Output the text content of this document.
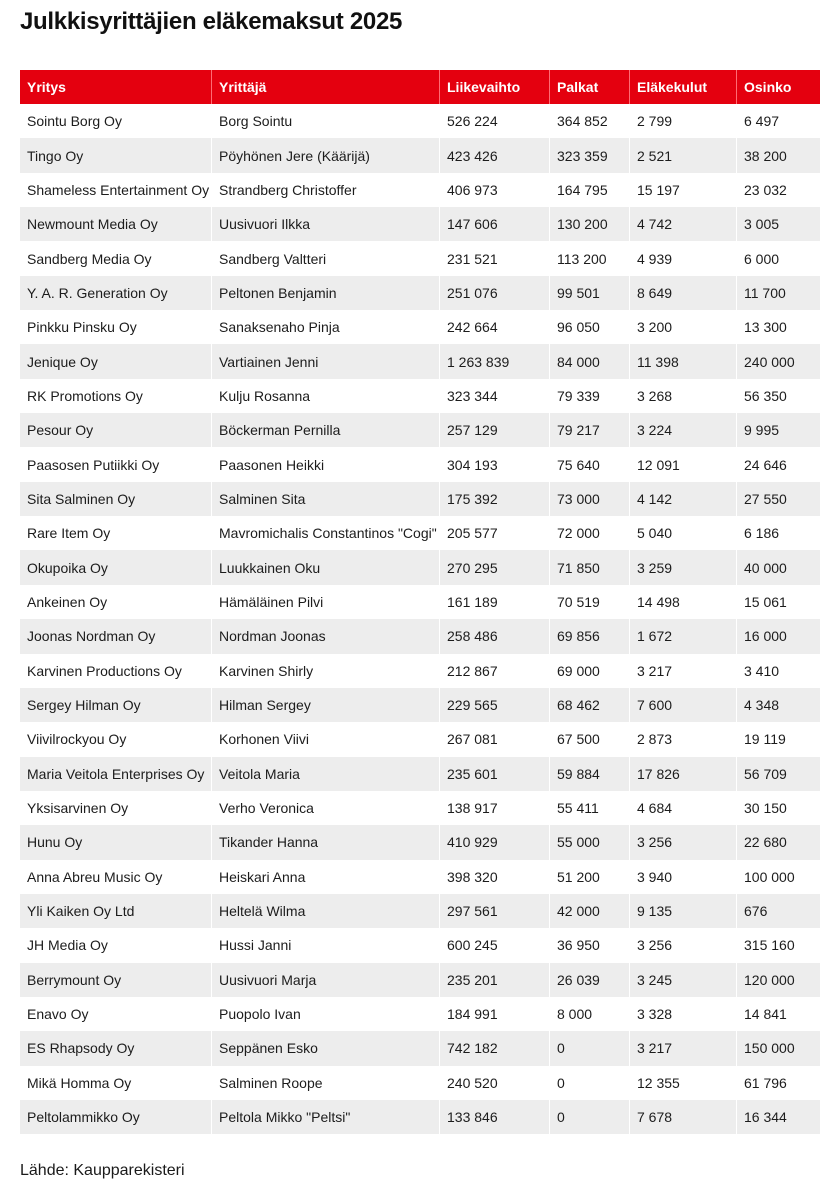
Julkkisyrittäjien eläkemaksut 2025
Yritys	Yrittäjä	Liikevaihto	Palkat	Eläkekulut	Osinko
Sointu Borg Oy	Borg Sointu	526 224	364 852	2 799	6 497
Tingo Oy	Pöyhönen Jere (Käärijä)	423 426	323 359	2 521	38 200
Shameless Entertainment Oy	Strandberg Christoffer	406 973	164 795	15 197	23 032
Newmount Media Oy	Uusivuori Ilkka	147 606	130 200	4 742	3 005
Sandberg Media Oy	Sandberg Valtteri	231 521	113 200	4 939	6 000
Y. A. R. Generation Oy	Peltonen Benjamin	251 076	99 501	8 649	11 700
Pinkku Pinsku Oy	Sanaksenaho Pinja	242 664	96 050	3 200	13 300
Jenique Oy	Vartiainen Jenni	1 263 839	84 000	11 398	240 000
RK Promotions Oy	Kulju Rosanna	323 344	79 339	3 268	56 350
Pesour Oy	Böckerman Pernilla	257 129	79 217	3 224	9 995
Paasosen Putiikki Oy	Paasonen Heikki	304 193	75 640	12 091	24 646
Sita Salminen Oy	Salminen Sita	175 392	73 000	4 142	27 550
Rare Item Oy	Mavromichalis Constantinos "Cogi"	205 577	72 000	5 040	6 186
Okupoika Oy	Luukkainen Oku	270 295	71 850	3 259	40 000
Ankeinen Oy	Hämäläinen Pilvi	161 189	70 519	14 498	15 061
Joonas Nordman Oy	Nordman Joonas	258 486	69 856	1 672	16 000
Karvinen Productions Oy	Karvinen Shirly	212 867	69 000	3 217	3 410
Sergey Hilman Oy	Hilman Sergey	229 565	68 462	7 600	4 348
Viivilrockyou Oy	Korhonen Viivi	267 081	67 500	2 873	19 119
Maria Veitola Enterprises Oy	Veitola Maria	235 601	59 884	17 826	56 709
Yksisarvinen Oy	Verho Veronica	138 917	55 411	4 684	30 150
Hunu Oy	Tikander Hanna	410 929	55 000	3 256	22 680
Anna Abreu Music Oy	Heiskari Anna	398 320	51 200	3 940	100 000
Yli Kaiken Oy Ltd	Heltelä Wilma	297 561	42 000	9 135	676
JH Media Oy	Hussi Janni	600 245	36 950	3 256	315 160
Berrymount Oy	Uusivuori Marja	235 201	26 039	3 245	120 000
Enavo Oy	Puopolo Ivan	184 991	8 000	3 328	14 841
ES Rhapsody Oy	Seppänen Esko	742 182	0	3 217	150 000
Mikä Homma Oy	Salminen Roope	240 520	0	12 355	61 796
Peltolammikko Oy	Peltola Mikko "Peltsi"	133 846	0	7 678	16 344
Lähde: Kaupparekisteri
